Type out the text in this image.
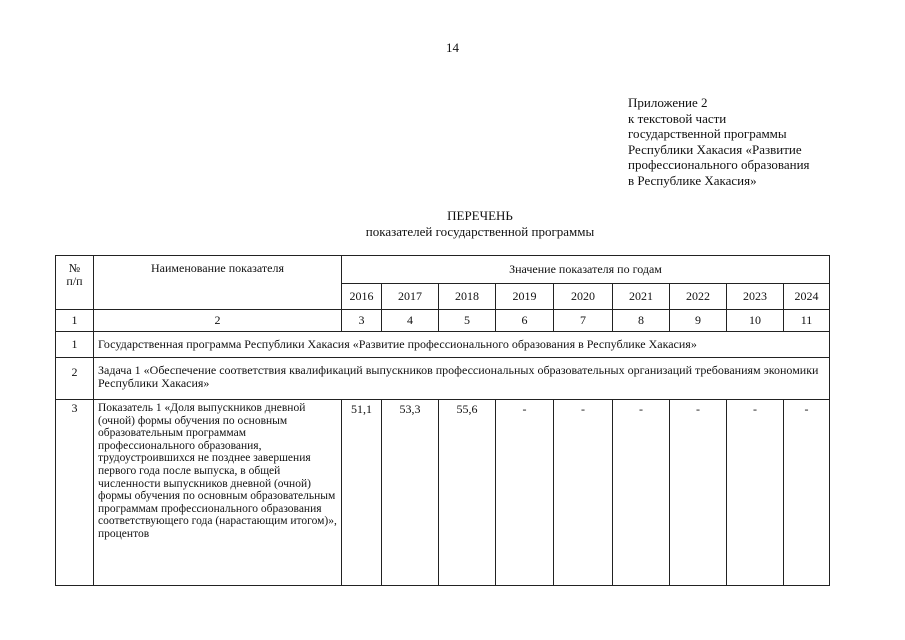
14
Приложение 2
к текстовой части
государственной программы
Республики Хакасия «Развитие
профессионального образования
в Республике Хакасия»
ПЕРЕЧЕНЬ
показателей государственной программы
№
п/п	Наименование показателя	Значение показателя по годам								
		2016	2017	2018	2019	2020	2021	2022	2023	2024
1	2	3	4	5	6	7	8	9	10	11
1	Государственная программа Республики Хакасия «Развитие профессионального образования в Республике Хакасия»									
2	Задача 1 «Обеспечение соответствия квалификаций выпускников профессиональных образовательных организаций требованиям экономики Республики Хакасия»									
3	Показатель 1 «Доля выпускников дневной (очной) формы обучения по основным образовательным программам профессионального образования, трудоустроившихся не позднее завершения первого года после выпуска, в общей численности выпускников дневной (очной) формы обучения по основным образовательным программам профессионального образования соответствующего года (нарастающим итогом)», процентов	51,1	53,3	55,6	-	-	-	-	-	-
